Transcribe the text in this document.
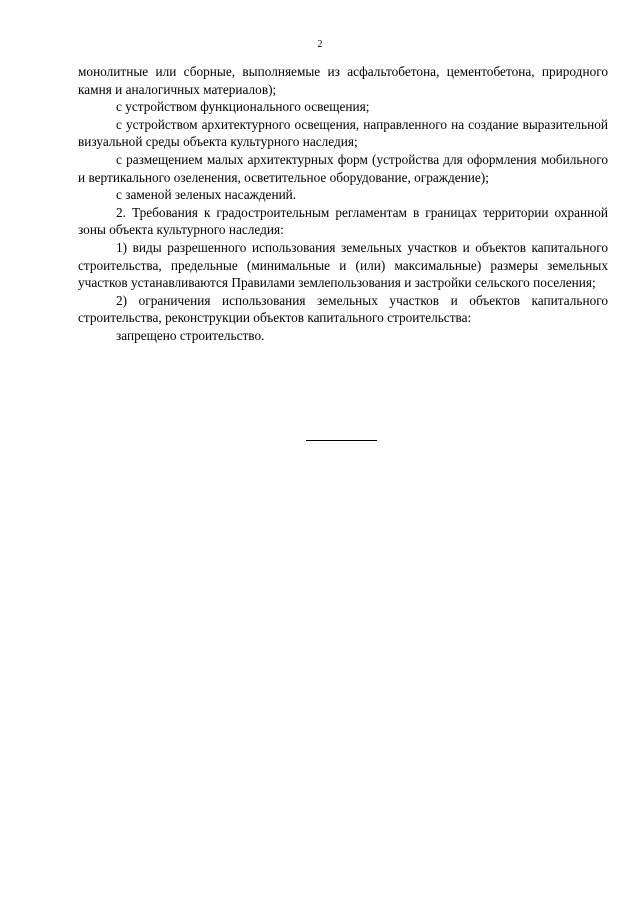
2

монолитные или сборные, выполняемые из асфальтобетона, цементобетона, природного камня и аналогичных материалов);

с устройством функционального освещения;

с устройством архитектурного освещения, направленного на создание выразительной визуальной среды объекта культурного наследия;

с размещением малых архитектурных форм (устройства для оформления мобильного и вертикального озеленения, осветительное оборудование, ограждение);

с заменой зеленых насаждений.

2. Требования к градостроительным регламентам в границах территории охранной зоны объекта культурного наследия:

1) виды разрешенного использования земельных участков и объектов капитального строительства, предельные (минимальные и (или) максимальные) размеры земельных участков устанавливаются Правилами землепользования и застройки сельского поселения;

2) ограничения использования земельных участков и объектов капитального строительства, реконструкции объектов капитального строительства:

запрещено строительство.
